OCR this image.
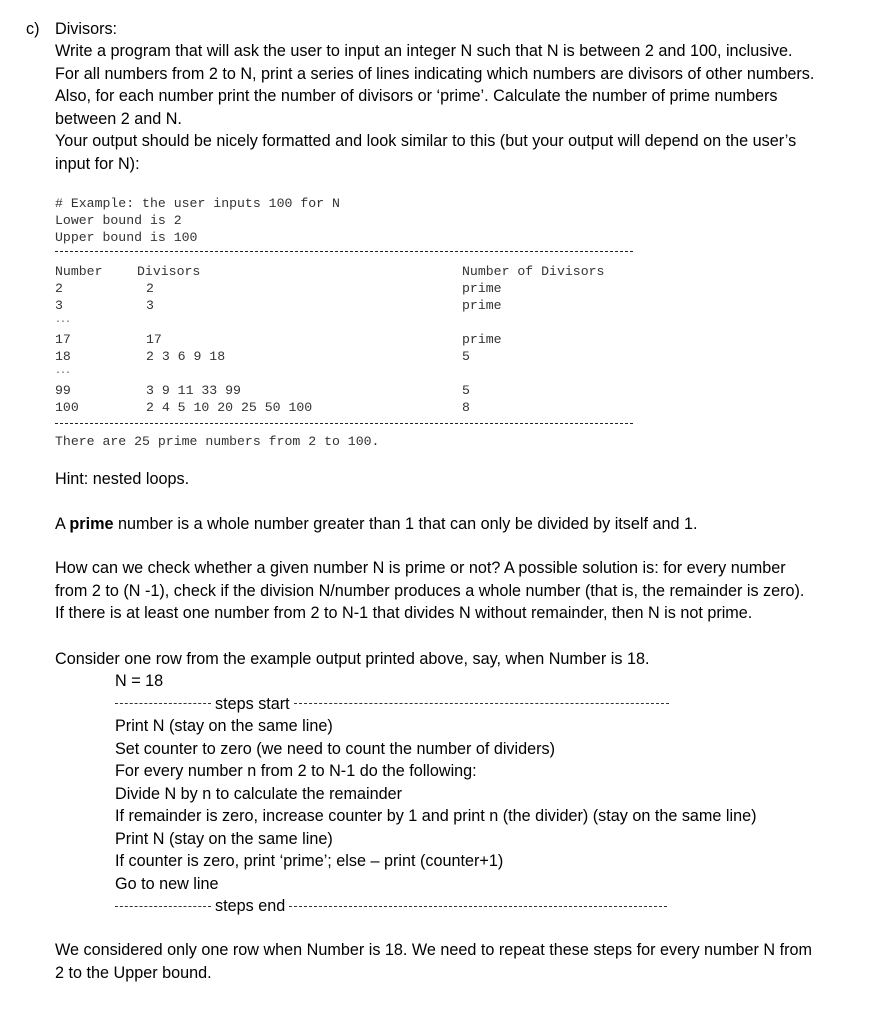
c) Divisors:
Write a program that will ask the user to input an integer N such that N is between 2 and 100, inclusive.
For all numbers from 2 to N, print a series of lines indicating which numbers are divisors of other numbers.
Also, for each number print the number of divisors or ‘prime’. Calculate the number of prime numbers
between 2 and N.
Your output should be nicely formatted and look similar to this (but your output will depend on the user’s
input for N):
# Example: the user inputs 100 for N
Lower bound is 2
Upper bound is 100
Number	Divisors	Number of Divisors
2	2	prime
3	3	prime
...
17	17	prime
18	2 3 6 9 18	5
...
99	3 9 11 33 99	5
100	2 4 5 10 20 25 50 100	8
There are 25 prime numbers from 2 to 100.
Hint: nested loops.
A prime number is a whole number greater than 1 that can only be divided by itself and 1.
How can we check whether a given number N is prime or not? A possible solution is: for every number
from 2 to (N -1), check if the division N/number produces a whole number (that is, the remainder is zero).
If there is at least one number from 2 to N-1 that divides N without remainder, then N is not prime.
Consider one row from the example output printed above, say, when Number is 18.
N = 18
steps start
Print N (stay on the same line)
Set counter to zero (we need to count the number of dividers)
For every number n from 2 to N-1 do the following:
Divide N by n to calculate the remainder
If remainder is zero, increase counter by 1 and print n (the divider) (stay on the same line)
Print N (stay on the same line)
If counter is zero, print ‘prime’; else – print (counter+1)
Go to new line
steps end
We considered only one row when Number is 18. We need to repeat these steps for every number N from
2 to the Upper bound.
